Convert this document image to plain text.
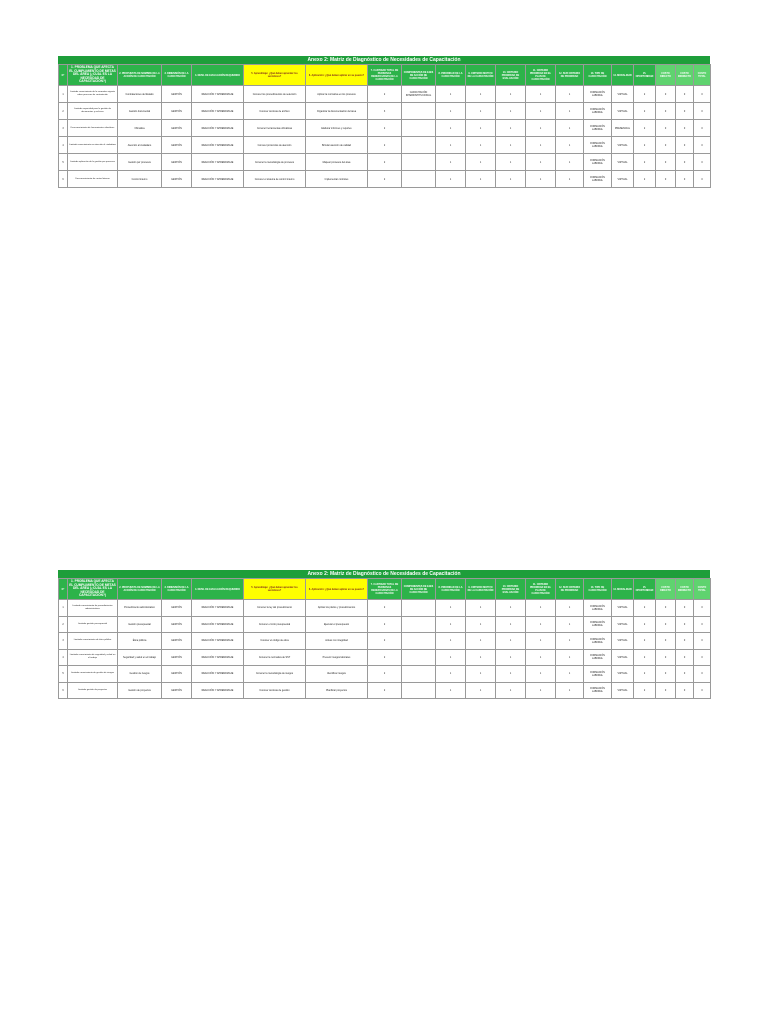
Anexo 2: Matriz de Diagnóstico de Necesidades de Capacitación
N°	1. PROBLEMA QUE AFECTA EL CUMPLIMIENTO DE METAS DEL ÁREA (¿CUÁL ES LA NECESIDAD DE CAPACITACIÓN?)	2. PROPUESTA DE NOMBRE DE LA ACCIÓN DE CAPACITACIÓN	3. DIMENSIÓN DE LA CAPACITACIÓN	4. NIVEL DE EVALUACIÓN REQUERIDO	5. Aprendizaje: ¿Qué deben aprender los servidores?	6. Aplicación: ¿Qué deben aplicar en su puesto?	7. CANTIDAD TOTAL DE PERSONAS BENEFICIARIAS DE LA CAPACITACIÓN	COMPONENTES DE EJES DE ACCIÓN DE CAPACITACIÓN	8. PRIORIDAD DE LA CAPACITACIÓN	9. CRITERIO MOTIVO DE LA CAPACITACIÓN	10. CRITERIO PRIORIDAD DE EVALUACIÓN	11. CRITERIO PRIORIDAD EN EL PLAN DE CAPACITACIÓN	12. SUB CRITERIO DE PRIORIDAD	13. TIPO DE CAPACITACIÓN	14. MODALIDAD	15. OPORTUNIDAD	COSTO DIRECTO	COSTO INDIRECTO	COSTO TOTAL
1	Limitado conocimiento de la normativa vigente sobre procesos de contratación	Contrataciones del Estado	GESTIÓN	REACCIÓN Y APRENDIZAJE	Conocer los procedimientos de selección	Aplicar la normativa en los procesos	2	CAPACITACIÓN INTERINSTITUCIONAL	1	1	1	1	1	FORMACIÓN LABORAL	VIRTUAL	2	0	0	0
2	Limitada capacidad para la gestión de documentos y archivos	Gestión documental	GESTIÓN	REACCIÓN Y APRENDIZAJE	Conocer técnicas de archivo	Organizar la documentación del área	3		1	1	1	1	1	FORMACIÓN LABORAL	VIRTUAL	2	0	0	0
3	Desconocimiento de herramientas ofimáticas	Ofimática	GESTIÓN	REACCIÓN Y APRENDIZAJE	Conocer herramientas ofimáticas	Elaborar informes y reportes	2		1	1	1	1	1	FORMACIÓN LABORAL	PRESENCIAL	2	0	0	0
4	Limitado conocimiento en atención al ciudadano	Atención al ciudadano	GESTIÓN	REACCIÓN Y APRENDIZAJE	Conocer protocolos de atención	Brindar atención de calidad	2		1	1	1	1	1	FORMACIÓN LABORAL	VIRTUAL	2	0	0	0
5	Limitada aplicación de la gestión por procesos	Gestión por procesos	GESTIÓN	REACCIÓN Y APRENDIZAJE	Conocer la metodología de procesos	Mapear procesos del área	2		1	1	1	1	1	FORMACIÓN LABORAL	VIRTUAL	2	0	0	0
6	Desconocimiento de control interno	Control interno	GESTIÓN	REACCIÓN Y APRENDIZAJE	Conocer el sistema de control interno	Implementar controles	2		1	1	1	1	1	FORMACIÓN LABORAL	VIRTUAL	2	0	0	0
Anexo 2: Matriz de Diagnóstico de Necesidades de Capacitación
N°	1. PROBLEMA QUE AFECTA EL CUMPLIMIENTO DE METAS DEL ÁREA (¿CUÁL ES LA NECESIDAD DE CAPACITACIÓN?)	2. PROPUESTA DE NOMBRE DE LA ACCIÓN DE CAPACITACIÓN	3. DIMENSIÓN DE LA CAPACITACIÓN	4. NIVEL DE EVALUACIÓN REQUERIDO	5. Aprendizaje: ¿Qué deben aprender los servidores?	6. Aplicación: ¿Qué deben aplicar en su puesto?	7. CANTIDAD TOTAL DE PERSONAS BENEFICIARIAS DE LA CAPACITACIÓN	COMPONENTES DE EJES DE ACCIÓN DE CAPACITACIÓN	8. PRIORIDAD DE LA CAPACITACIÓN	9. CRITERIO MOTIVO DE LA CAPACITACIÓN	10. CRITERIO PRIORIDAD DE EVALUACIÓN	11. CRITERIO PRIORIDAD EN EL PLAN DE CAPACITACIÓN	12. SUB CRITERIO DE PRIORIDAD	13. TIPO DE CAPACITACIÓN	14. MODALIDAD	15. OPORTUNIDAD	COSTO DIRECTO	COSTO INDIRECTO	COSTO TOTAL
1	Limitado conocimiento de procedimientos administrativos	Procedimiento administrativo	GESTIÓN	REACCIÓN Y APRENDIZAJE	Conocer la ley del procedimiento	Aplicar los plazos y procedimientos	2		1	1	1	1	1	FORMACIÓN LABORAL	VIRTUAL	2	0	0	0
2	Limitada gestión presupuestal	Gestión presupuestal	GESTIÓN	REACCIÓN Y APRENDIZAJE	Conocer el ciclo presupuestal	Ejecutar el presupuesto	2		1	1	1	1	1	FORMACIÓN LABORAL	VIRTUAL	2	0	0	0
3	Limitado conocimiento de ética pública	Ética pública	GESTIÓN	REACCIÓN Y APRENDIZAJE	Conocer el código de ética	Actuar con integridad	2		1	1	1	1	1	FORMACIÓN LABORAL	VIRTUAL	2	0	0	0
4	Limitado conocimiento de seguridad y salud en el trabajo	Seguridad y salud en el trabajo	GESTIÓN	REACCIÓN Y APRENDIZAJE	Conocer la normativa de SST	Prevenir riesgos laborales	2		1	1	1	1	1	FORMACIÓN LABORAL	VIRTUAL	2	0	0	0
5	Limitado conocimiento de gestión de riesgos	Gestión de riesgos	GESTIÓN	REACCIÓN Y APRENDIZAJE	Conocer la metodología de riesgos	Identificar riesgos	2		1	1	1	1	1	FORMACIÓN LABORAL	VIRTUAL	2	0	0	0
6	Limitada gestión de proyectos	Gestión de proyectos	GESTIÓN	REACCIÓN Y APRENDIZAJE	Conocer técnicas de gestión	Planificar proyectos	2		1	1	1	1	1	FORMACIÓN LABORAL	VIRTUAL	2	0	0	0
